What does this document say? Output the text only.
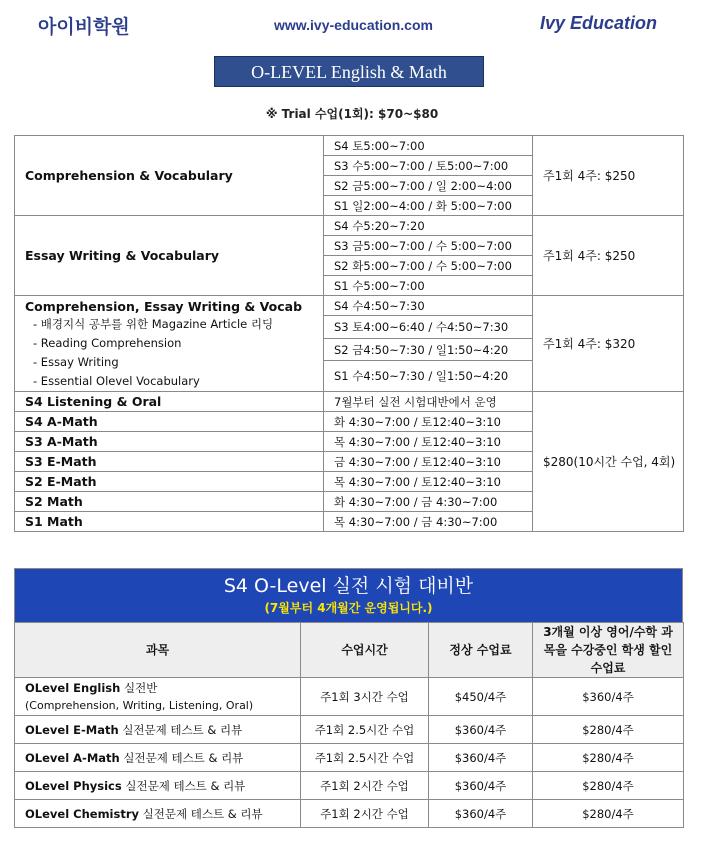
아이비학원	www.ivy-education.com	Ivy Education
O-LEVEL English & Math
※ Trial 수업(1회): $70~$80
Comprehension & Vocabulary	S4 토5:00~7:00	주1회 4주: $250
	S3 수5:00~7:00 / 토5:00~7:00	
	S2 금5:00~7:00 / 일 2:00~4:00	
	S1 일2:00~4:00 / 화 5:00~7:00	
Essay Writing & Vocabulary	S4 수5:20~7:20	주1회 4주: $250
	S3 금5:00~7:00 / 수 5:00~7:00	
	S2 화5:00~7:00 / 수 5:00~7:00	
	S1 수5:00~7:00	

Comprehension, Essay Writing & Vocab
- 배경지식 공부를 위한 Magazine Article 리딩
- Reading Comprehension
- Essay Writing
- Essential Olevel Vocabulary	S4 수4:50~7:30	주1회 4주: $320
	S3 토4:00~6:40 / 수4:50~7:30	
	S2 금4:50~7:30 / 일1:50~4:20	
	S1 수4:50~7:30 / 일1:50~4:20	
S4 Listening & Oral	7월부터 실전 시험대반에서 운영	$280(10시간 수업, 4회)
S4 A-Math	화 4:30~7:00 / 토12:40~3:10	
S3 A-Math	목 4:30~7:00 / 토12:40~3:10	
S3 E-Math	금 4:30~7:00 / 토12:40~3:10	
S2 E-Math	목 4:30~7:00 / 토12:40~3:10	
S2 Math	화 4:30~7:00 / 금 4:30~7:00	
S1 Math	목 4:30~7:00 / 금 4:30~7:00	
S4 O-Level 실전 시험 대비반
(7월부터 4개월간 운영됩니다.)
과목	수업시간	정상 수업료	3개월 이상 영어/수학 과목을 수강중인 학생 할인 수업료
OLevel English 실전반
(Comprehension, Writing, Listening, Oral)	주1회 3시간 수업	$450/4주	$360/4주
OLevel E-Math 실전문제 테스트 & 리뷰	주1회 2.5시간 수업	$360/4주	$280/4주
OLevel A-Math 실전문제 테스트 & 리뷰	주1회 2.5시간 수업	$360/4주	$280/4주
OLevel Physics 실전문제 테스트 & 리뷰	주1회 2시간 수업	$360/4주	$280/4주
OLevel Chemistry 실전문제 테스트 & 리뷰	주1회 2시간 수업	$360/4주	$280/4주
